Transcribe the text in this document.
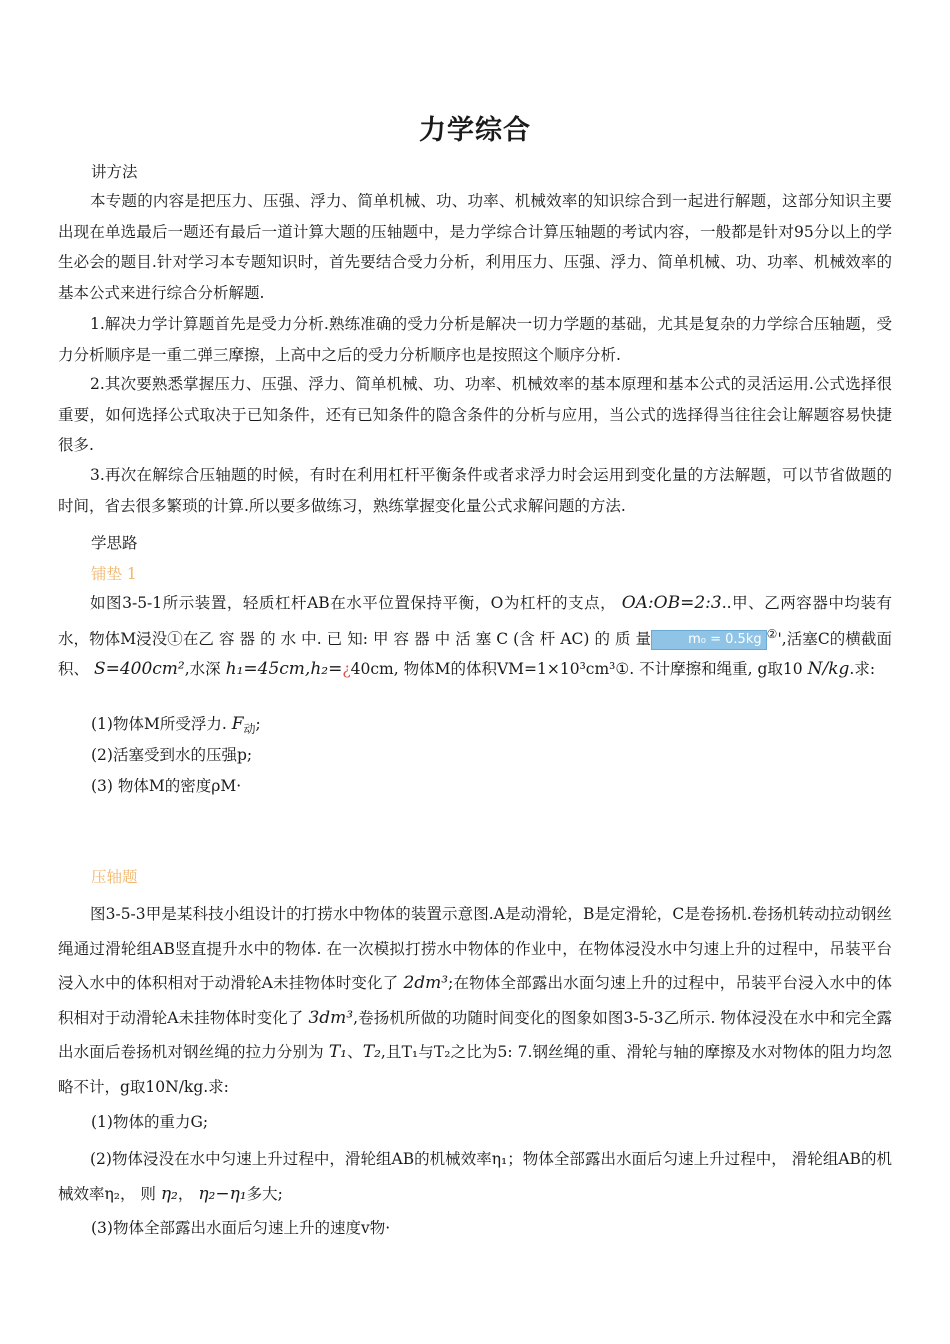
力学综合
讲方法
本专题的内容是把压力、压强、浮力、简单机械、功、功率、机械效率的知识综合到一起进行解题，这部分知识主要出现在单选最后一题还有最后一道计算大题的压轴题中，是力学综合计算压轴题的考试内容，一般都是针对95分以上的学生必会的题目.针对学习本专题知识时，首先要结合受力分析，利用压力、压强、浮力、简单机械、功、功率、机械效率的基本公式来进行综合分析解题.
1.解决力学计算题首先是受力分析.熟练准确的受力分析是解决一切力学题的基础，尤其是复杂的力学综合压轴题，受力分析顺序是一重二弹三摩擦，上高中之后的受力分析顺序也是按照这个顺序分析.
2.其次要熟悉掌握压力、压强、浮力、简单机械、功、功率、机械效率的基本原理和基本公式的灵活运用.公式选择很重要，如何选择公式取决于已知条件，还有已知条件的隐含条件的分析与应用，当公式的选择得当往往会让解题容易快捷很多.
3.再次在解综合压轴题的时候，有时在利用杠杆平衡条件或者求浮力时会运用到变化量的方法解题，可以节省做题的时间，省去很多繁琐的计算.所以要多做练习，熟练掌握变化量公式求解问题的方法.
学思路
铺垫 1
如图3-5-1所示装置，轻质杠杆AB在水平位置保持平衡，O为杠杆的支点， OA:OB=2:3..甲、乙两容器中均装有水，物体M浸没①在乙 容 器 的 水 中. 已 知: 甲 容 器 中 活 塞 C (含 杆 AC) 的 质 量	m₀ = 0.5kg ②',活塞C的横截面积、 S=400cm²,水深 h₁=45cm,h₂=¿40cm, 物体M的体积VM=1×10³cm³①. 不计摩擦和绳重, g取10 N/kg.求:
(1)物体M所受浮力. $F_动$;
(2)活塞受到水的压强p;
(3) 物体M的密度ρM·
压轴题
图3-5-3甲是某科技小组设计的打捞水中物体的装置示意图.A是动滑轮，B是定滑轮，C是卷扬机.卷扬机转动拉动钢丝绳通过滑轮组AB竖直提升水中的物体. 在一次模拟打捞水中物体的作业中，在物体浸没水中匀速上升的过程中，吊装平台浸入水中的体积相对于动滑轮A未挂物体时变化了 2dm³;在物体全部露出水面匀速上升的过程中，吊装平台浸入水中的体积相对于动滑轮A未挂物体时变化了 3dm³,卷扬机所做的功随时间变化的图象如图3-5-3乙所示. 物体浸没在水中和完全露出水面后卷扬机对钢丝绳的拉力分别为 T₁、T₂,且T₁与T₂之比为5: 7.钢丝绳的重、滑轮与轴的摩擦及水对物体的阻力均忽略不计，g取10N/kg.求:
(1)物体的重力G;
(2)物体浸没在水中匀速上升过程中，滑轮组AB的机械效率η₁；物体全部露出水面后匀速上升过程中， 滑轮组AB的机械效率η₂， 则 η₂， η₂−η₁多大;
(3)物体全部露出水面后匀速上升的速度v物·
